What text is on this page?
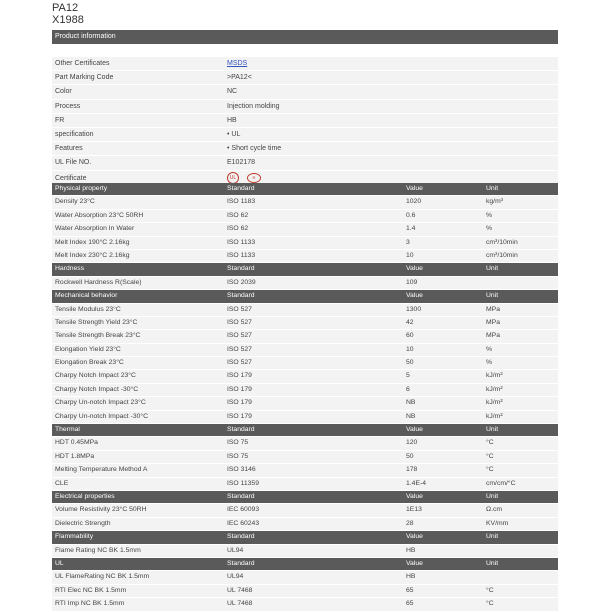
PA12
X1988
Product information
Other Certificates	MSDS
Part Marking Code	>PA12<
Color	NC
Process	Injection molding
FR	HB
specification	• UL
Features	• Short cycle time
UL File NO.	E102178
Certificate	UL	R
Physical property	Standard	Value	Unit
Density 23°C	ISO 1183	1020	kg/m³
Water Absorption 23°C 50RH	ISO 62	0.6	%
Water Absorption In Water	ISO 62	1.4	%
Melt Index 190°C 2.16kg	ISO 1133	3	cm³/10min
Melt Index 230°C 2.16kg	ISO 1133	10	cm³/10min
Hardness	Standard	Value	Unit
Rockwell Hardness R(Scale)	ISO 2039	109
Mechanical behavior	Standard	Value	Unit
Tensile Modulus 23°C	ISO 527	1300	MPa
Tensile Strength Yield 23°C	ISO 527	42	MPa
Tensile Strength Break 23°C	ISO 527	60	MPa
Elongation Yield 23°C	ISO 527	10	%
Elongation Break 23°C	ISO 527	50	%
Charpy Notch Impact 23°C	ISO 179	5	kJ/m²
Charpy Notch Impact -30°C	ISO 179	6	kJ/m²
Charpy Un-notch Impact 23°C	ISO 179	NB	kJ/m²
Charpy Un-notch Impact -30°C	ISO 179	NB	kJ/m²
Thermal	Standard	Value	Unit
HDT 0.45MPa	ISO 75	120	°C
HDT 1.8MPa	ISO 75	50	°C
Melting Temperature Method A	ISO 3146	178	°C
CLE	ISO 11359	1.4E-4	cm/cm/°C
Electrical properties	Standard	Value	Unit
Volume Resistivity 23°C 50RH	IEC 60093	1E13	Ω.cm
Dielectric Strength	IEC 60243	28	KV/mm
Flammability	Standard	Value	Unit
Flame Rating NC BK 1.5mm	UL94	HB
UL	Standard	Value	Unit
UL FlameRating NC BK 1.5mm	UL94	HB
RTI Elec NC BK 1.5mm	UL 7468	65	°C
RTI Imp NC BK 1.5mm	UL 7468	65	°C
